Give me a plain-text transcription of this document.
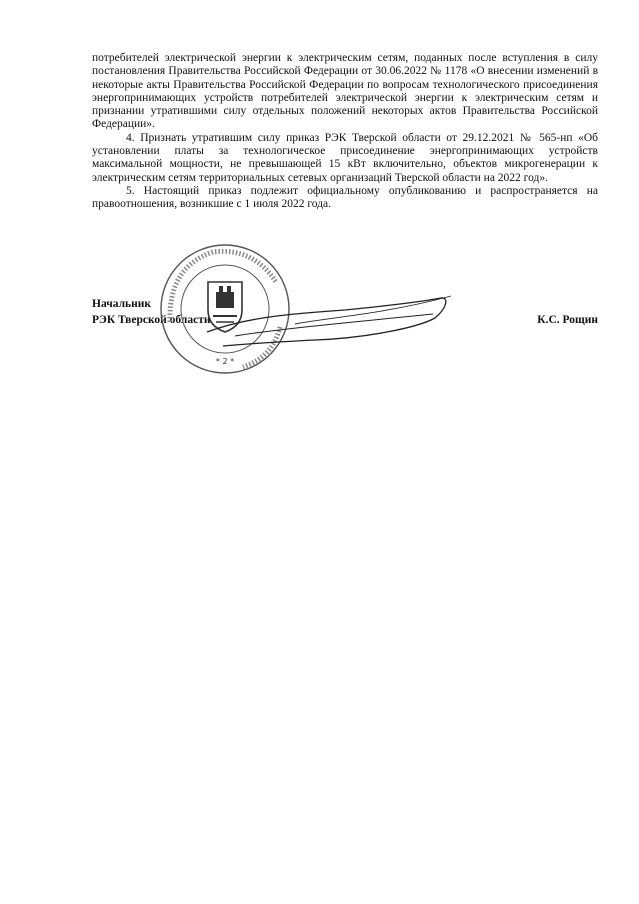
потребителей электрической энергии к электрическим сетям, поданных после вступления в силу постановления Правительства Российской Федерации от 30.06.2022 № 1178 «О внесении изменений в некоторые акты Правительства Российской Федерации по вопросам технологического присоединения энергопринимающих устройств потребителей электрической энергии к электрическим сетям и признании утратившими силу отдельных положений некоторых актов Правительства Российской Федерации».

4. Признать утратившим силу приказ РЭК Тверской области от 29.12.2021 № 565-нп «Об установлении платы за технологическое присоединение энергопринимающих устройств максимальной мощности, не превышающей 15 кВт включительно, объектов микрогенерации к электрическим сетям территориальных сетевых организаций Тверской области на 2022 год».

5. Настоящий приказ подлежит официальному опубликованию и распространяется на правоотношения, возникшие с 1 июля 2022 года.

Начальник
РЭК Тверской области	К.С. Рощин
* 2 *
